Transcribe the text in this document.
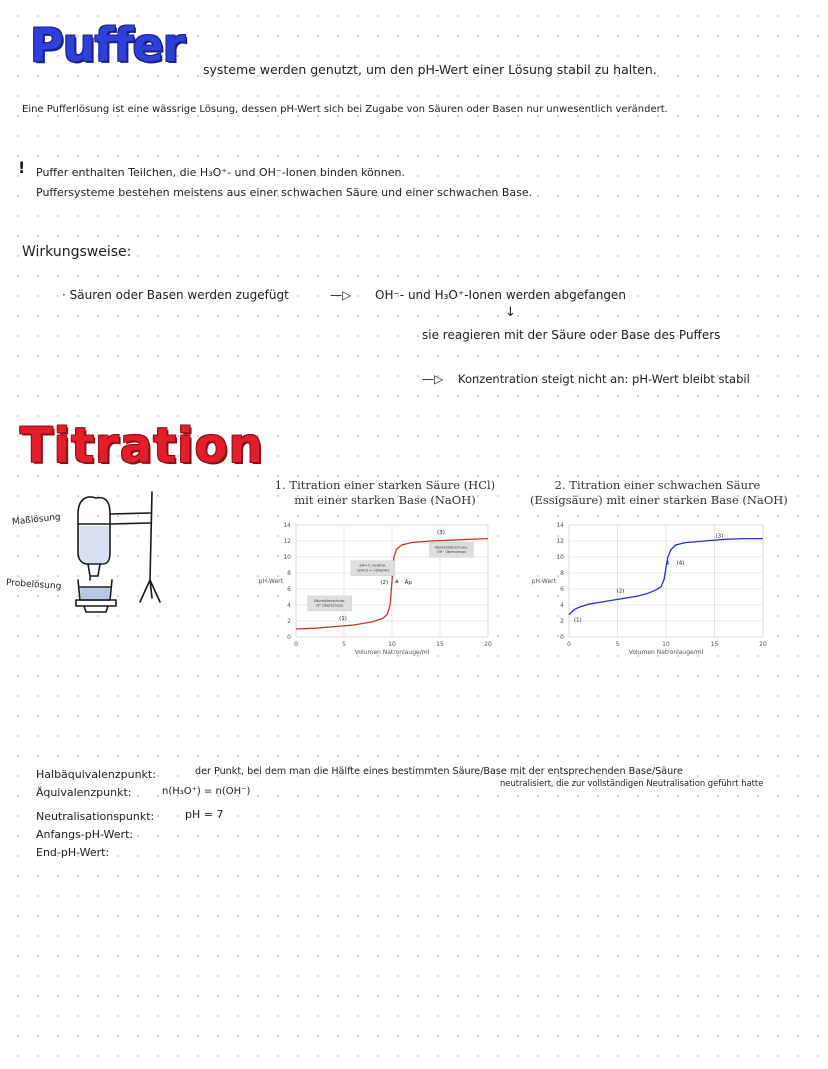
Puffer systeme werden genutzt, um den pH-Wert einer Lösung stabil zu halten.
Eine Pufferlösung ist eine wässrige Lösung, dessen pH-Wert sich bei Zugabe von Säuren oder Basen nur unwesentlich verändert.
! Puffer enthalten Teilchen, die H₃O⁺- und OH⁻-Ionen binden können.
Puffersysteme bestehen meistens aus einer schwachen Säure und einer schwachen Base.
Wirkungsweise:
· Säuren oder Basen werden zugefügt	—▷ OH⁻- und H₃O⁺-Ionen werden abgefangen
↓
sie reagieren mit der Säure oder Base des Puffers
—▷ Konzentration steigt nicht an: pH-Wert bleibt stabil
Titration
Maßlösung
Probelösung
1. Titration einer starken Säure (HCl)
mit einer starken Base (NaOH)
0
2
4
6
8
10
12
14
0	5	10	15	20
Volumen Natronlauge/ml
pH-Wert
pH=7, neutral,
n(HCl) = n(NaOH)
Basenüberschuss,
OH⁻ Überschuss
Säureüberschuss,
H⁺ Überschuss
(1)
(2) ≙ Äp
(3)
2. Titration einer schwachen Säure
(Essigsäure) mit einer starken Base (NaOH)
0
2
4
6
8
10
12
14
0	5	10	15	20
Volumen Natronlauge/ml
pH-Wert
(1)
(2)
‡ (4)
(3)
Halbäquivalenzpunkt:	der Punkt, bei dem man die Hälfte eines bestimmten Säure/Base mit der entsprechenden Base/Säure
neutralisiert, die zur vollständigen Neutralisation geführt hatte
Äquivalenzpunkt:	n(H₃O⁺) = n(OH⁻)
Neutralisationspunkt:	pH = 7
Anfangs-pH-Wert:
End-pH-Wert:
